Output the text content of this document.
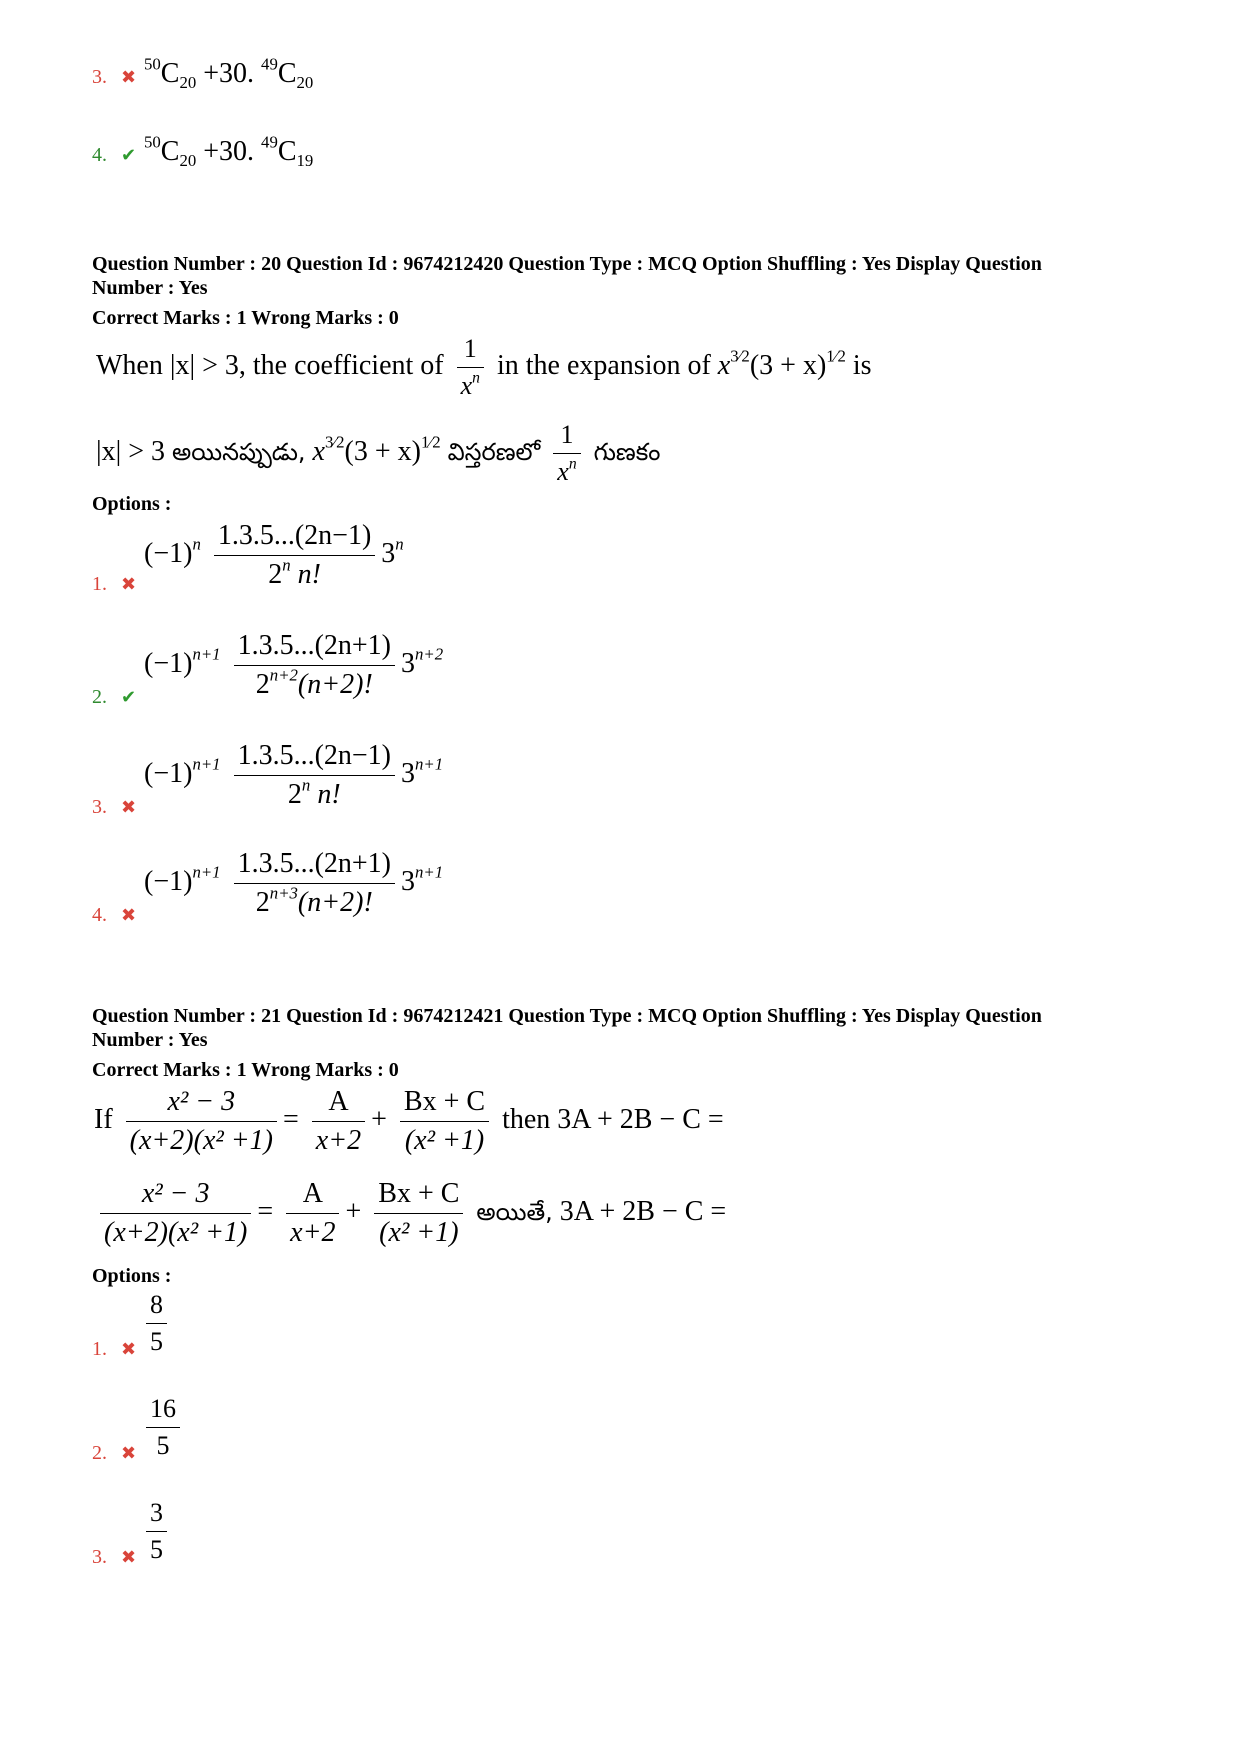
3. ✖
$^{50}C_{20} +30$. $^{49}C_{20}$
4. ✔
$^{50}C_{20} +30$. $^{49}C_{19}$
Question Number : 20 Question Id : 9674212420 Question Type : MCQ Option Shuffling : Yes Display Question
Number : Yes
Correct Marks : 1 Wrong Marks : 0
When |x| > 3, the coefficient of $\frac{1}{x^n}$ in the expansion of $x^{3⁄2}(3 + x)^{1⁄2}$ is
|x| > 3 అయినప్పుడు, $x^{3⁄2}(3 + x)^{1⁄2}$ విస్తరణలో $\frac{1}{x^n}$ గుణకం
Options :
1. ✖
$(-1)^n \frac{1.3.5...(2n-1)}{2^n n!} 3^n$
2. ✔
$(-1)^{n+1} \frac{1.3.5...(2n+1)}{2^{n+2}(n+2)!} 3^{n+2}$
3. ✖
$(-1)^{n+1} \frac{1.3.5...(2n-1)}{2^n n!} 3^{n+1}$
4. ✖
$(-1)^{n+1} \frac{1.3.5...(2n+1)}{2^{n+3}(n+2)!} 3^{n+1}$
Question Number : 21 Question Id : 9674212421 Question Type : MCQ Option Shuffling : Yes Display Question
Number : Yes
Correct Marks : 1 Wrong Marks : 0
If $\frac{\text{x² − 3}}{\text{(x+2)(x² +1)}} = \frac{A}{x+2} + \frac{Bx + C}{\text{(x² +1)}}$ then 3A + 2B − C =
$\frac{\text{x² − 3}}{\text{(x+2)(x² +1)}} = \frac{A}{x+2} + \frac{Bx + C}{\text{(x² +1)}}$ అయితే, 3A + 2B − C =
Options :
1. ✖ $\frac{8}{5}$
2. ✖ $\frac{16}{5}$
3. ✖ $\frac{3}{5}$
